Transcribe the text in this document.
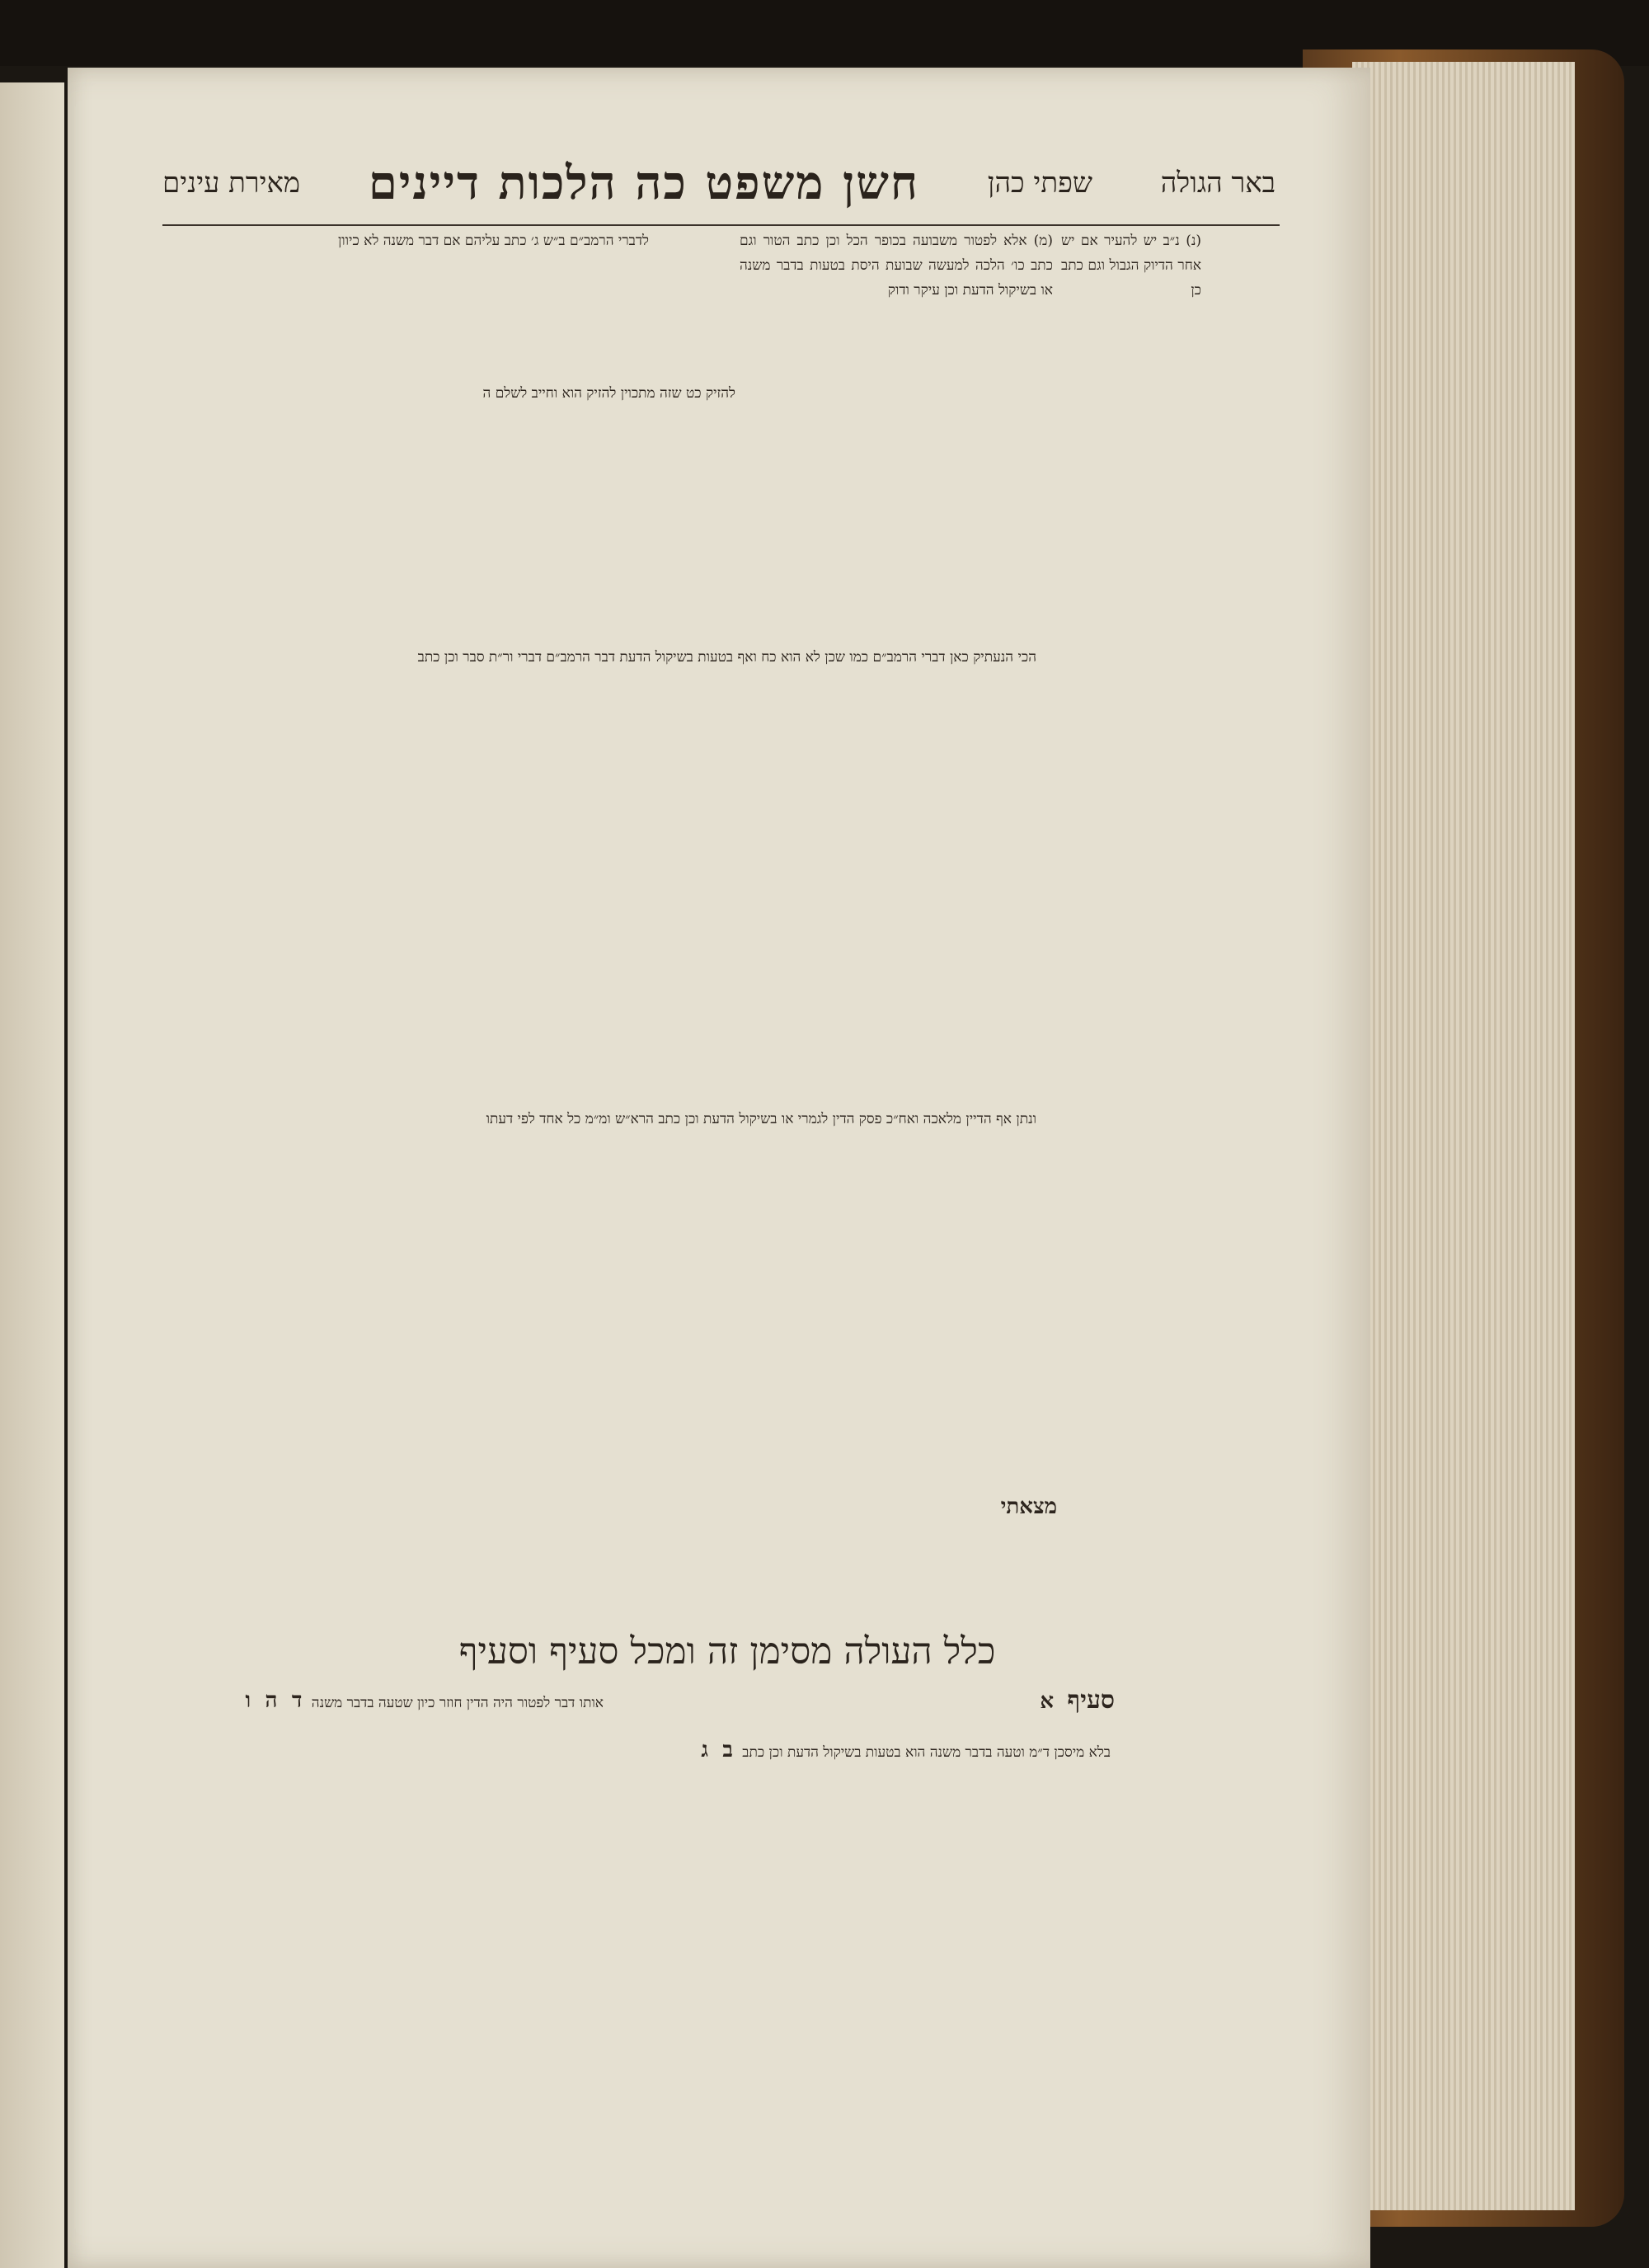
באר הגולה
שפתי כהן
חשן משפט כה הלכות דיינים
מאירת עינים
(נ) נ״ב יש להעיר אם יש אחר הדיוק הגבול וגם כתב כן
(מ) אלא לפטור משבועה בכופר הכל וכן כתב הטור וגם כתב כו׳ הלכה למעשה שבועת היסת בטעות בדבר משנה או בשיקול הדעת וכן עיקר ודוק
להזיק כט שזה מתכוין להזיק הוא וחייב לשלם ה
לדברי הרמב״ם ב״ש ג׳ כתב עליהם אם דבר משנה לא כיוון
הכי הנעתיק כאן דברי הרמב״ם כמו שכן לא הוא כח ואף בטעות בשיקול הדעת דבר הרמב״ם דברי ור״ת סבר וכן כתב
ונתן אף הדיין מלאכה ואח״כ פסק הדין לגמרי או בשיקול הדעת וכן כתב הרא״ש ומ״מ כל אחד לפי דעתו
מצאתי
כלל העולה מסימן זה ומכל סעיף וסעיף
סעיף א
בלא מיסכן ד״מ וטעה בדבר משנה הוא בטעות בשיקול הדעת וכן כתב ב ג
אותו דבר לפטור היה הדין חוזר כיון שטעה בדבר משנה ד ה ו
